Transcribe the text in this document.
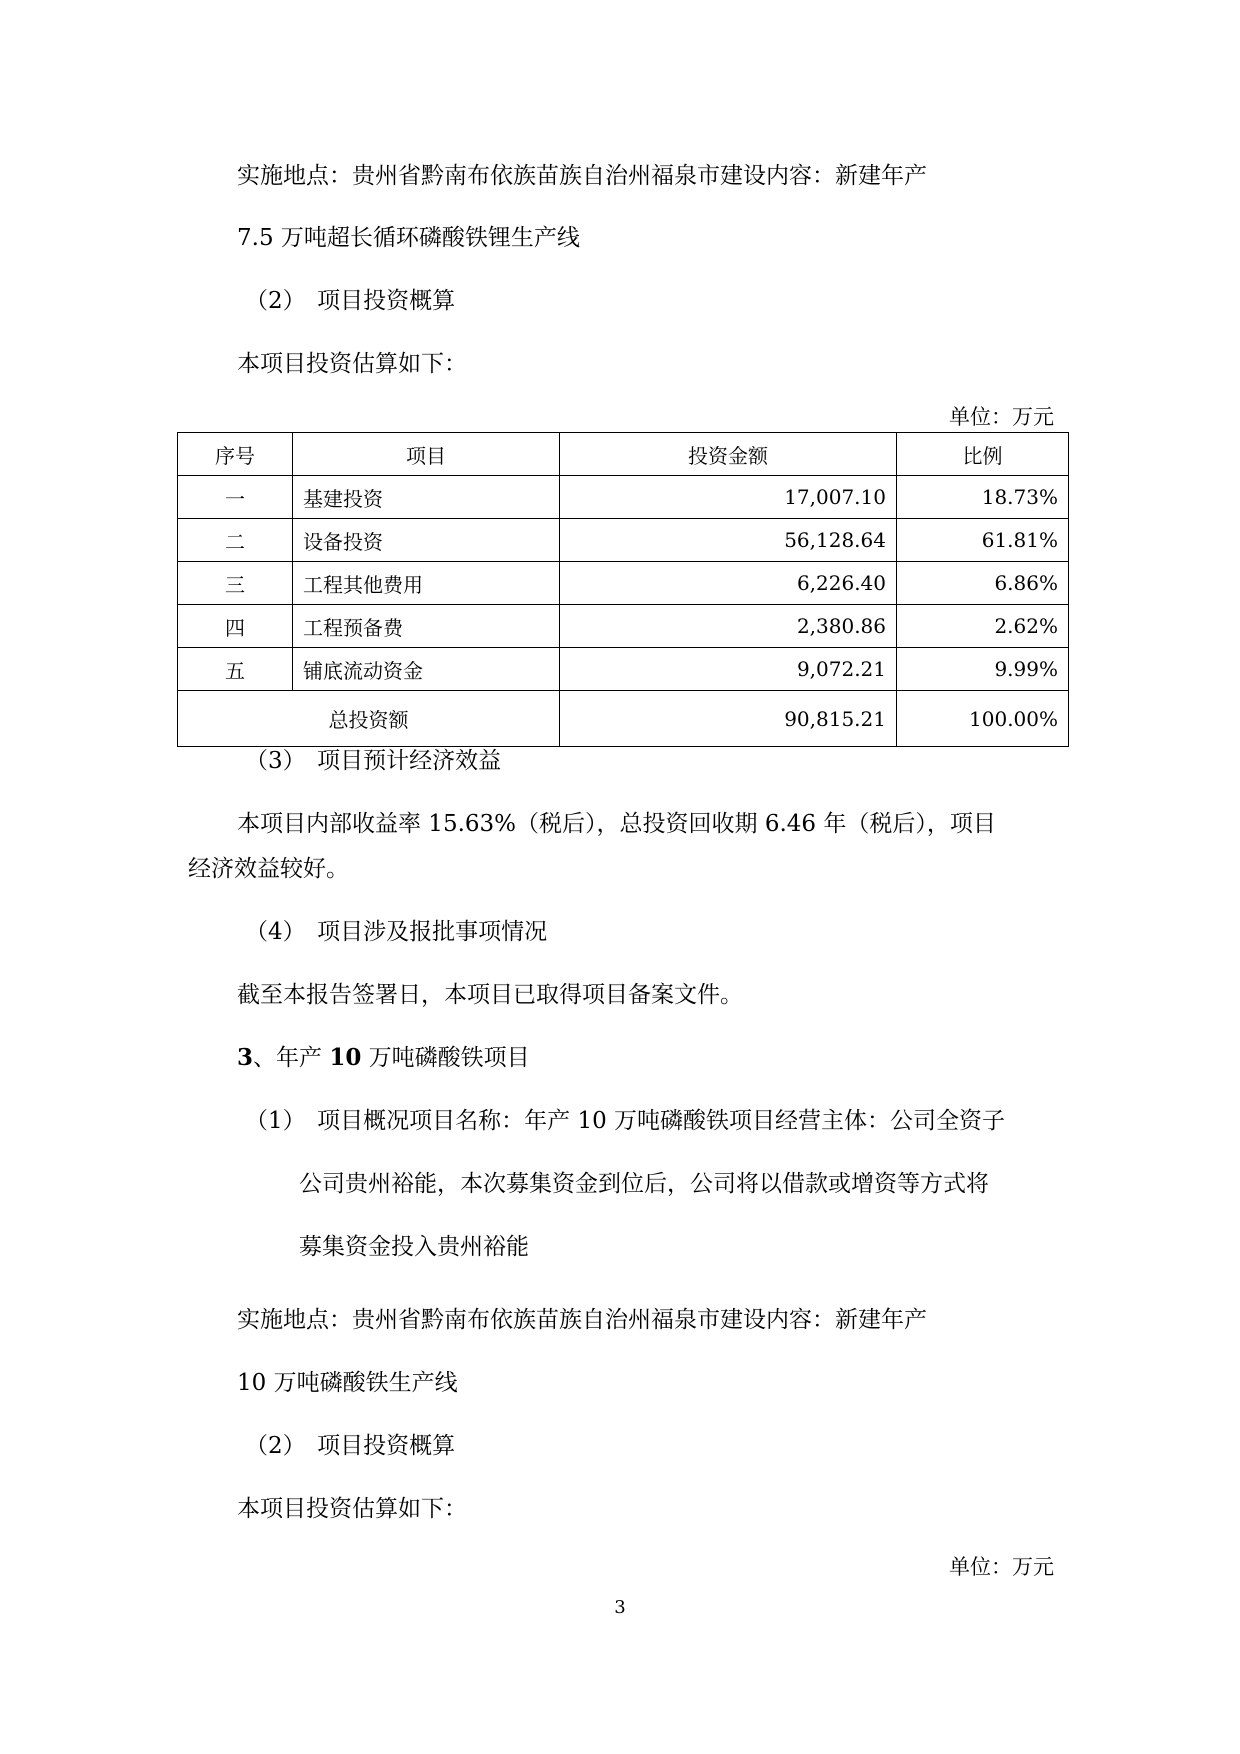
实施地点：贵州省黔南布依族苗族自治州福泉市建设内容：新建年产
7.5 万吨超长循环磷酸铁锂生产线
（2）　项目投资概算
本项目投资估算如下：
单位：万元
序号	项目	投资金额	比例
一	基建投资	17,007.10	18.73%
二	设备投资	56,128.64	61.81%
三	工程其他费用	6,226.40	6.86%
四	工程预备费	2,380.86	2.62%
五	铺底流动资金	9,072.21	9.99%
总投资额		90,815.21	100.00%
（3）　项目预计经济效益
本项目内部收益率 15.63%（税后），总投资回收期 6.46 年（税后），项目
经济效益较好。
（4）　项目涉及报批事项情况
截至本报告签署日，本项目已取得项目备案文件。
3、年产 10 万吨磷酸铁项目
（1）　项目概况项目名称：年产 10 万吨磷酸铁项目经营主体：公司全资子
公司贵州裕能，本次募集资金到位后，公司将以借款或增资等方式将
募集资金投入贵州裕能
实施地点：贵州省黔南布依族苗族自治州福泉市建设内容：新建年产
10 万吨磷酸铁生产线
（2）　项目投资概算
本项目投资估算如下：
单位：万元
3
